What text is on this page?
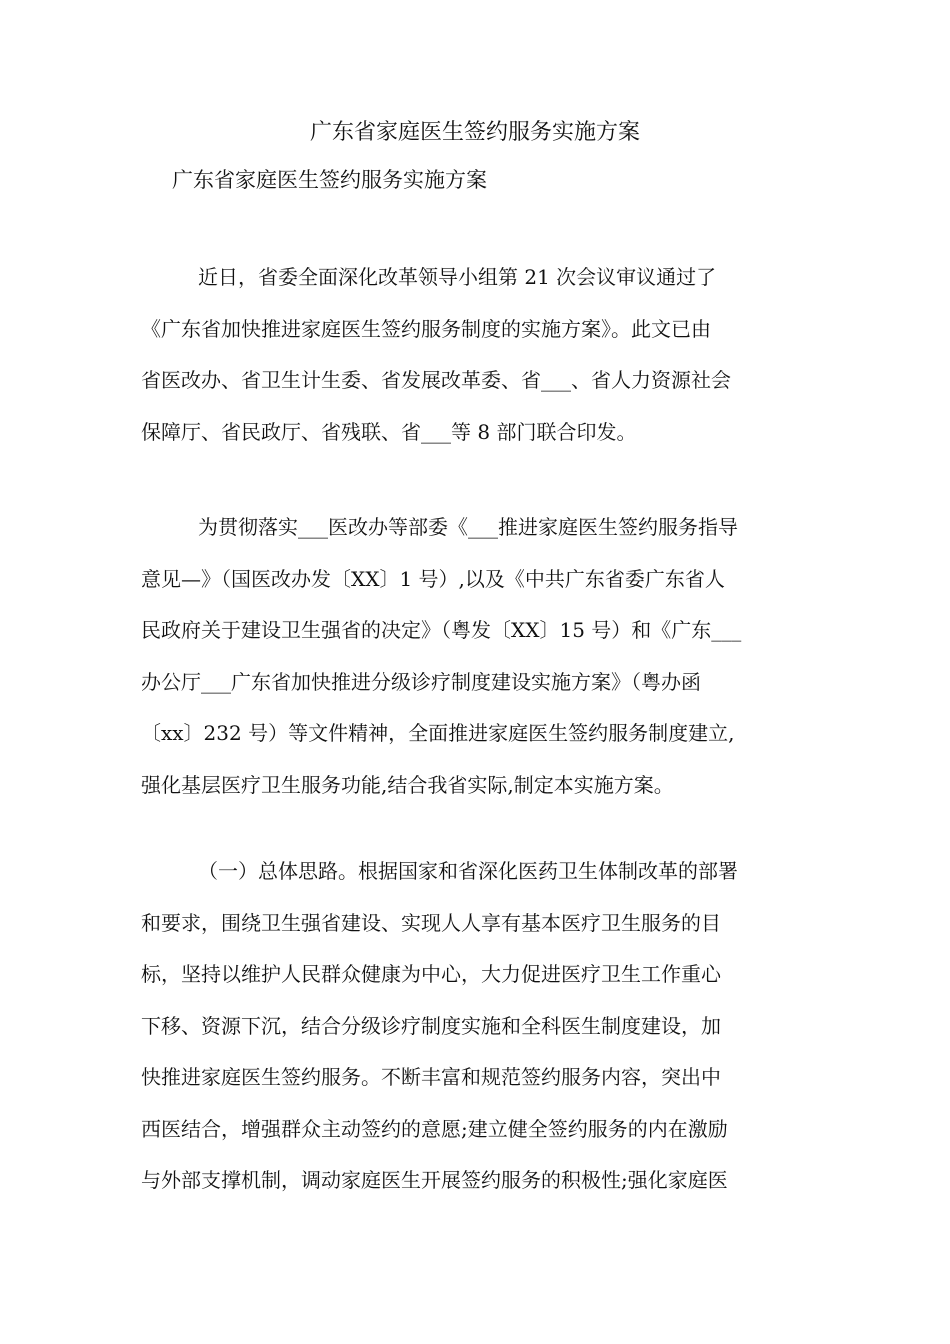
广东省家庭医生签约服务实施方案
广东省家庭医生签约服务实施方案
近日，省委全面深化改革领导小组第 21 次会议审议通过了
《广东省加快推进家庭医生签约服务制度的实施方案》。此文已由
省医改办、省卫生计生委、省发展改革委、省___、省人力资源社会
保障厅、省民政厅、省残联、省___等 8 部门联合印发。
为贯彻落实___医改办等部委《___推进家庭医生签约服务指导
意见—》（国医改办发〔XX〕1 号）,以及《中共广东省委广东省人
民政府关于建设卫生强省的决定》（粤发〔XX〕15 号）和《广东___
办公厅___广东省加快推进分级诊疗制度建设实施方案》（粤办函
〔xx〕232 号）等文件精神，全面推进家庭医生签约服务制度建立,
强化基层医疗卫生服务功能,结合我省实际,制定本实施方案。
（一）总体思路。根据国家和省深化医药卫生体制改革的部署
和要求，围绕卫生强省建设、实现人人享有基本医疗卫生服务的目
标，坚持以维护人民群众健康为中心，大力促进医疗卫生工作重心
下移、资源下沉，结合分级诊疗制度实施和全科医生制度建设，加
快推进家庭医生签约服务。不断丰富和规范签约服务内容，突出中
西医结合，增强群众主动签约的意愿;建立健全签约服务的内在激励
与外部支撑机制，调动家庭医生开展签约服务的积极性;强化家庭医
